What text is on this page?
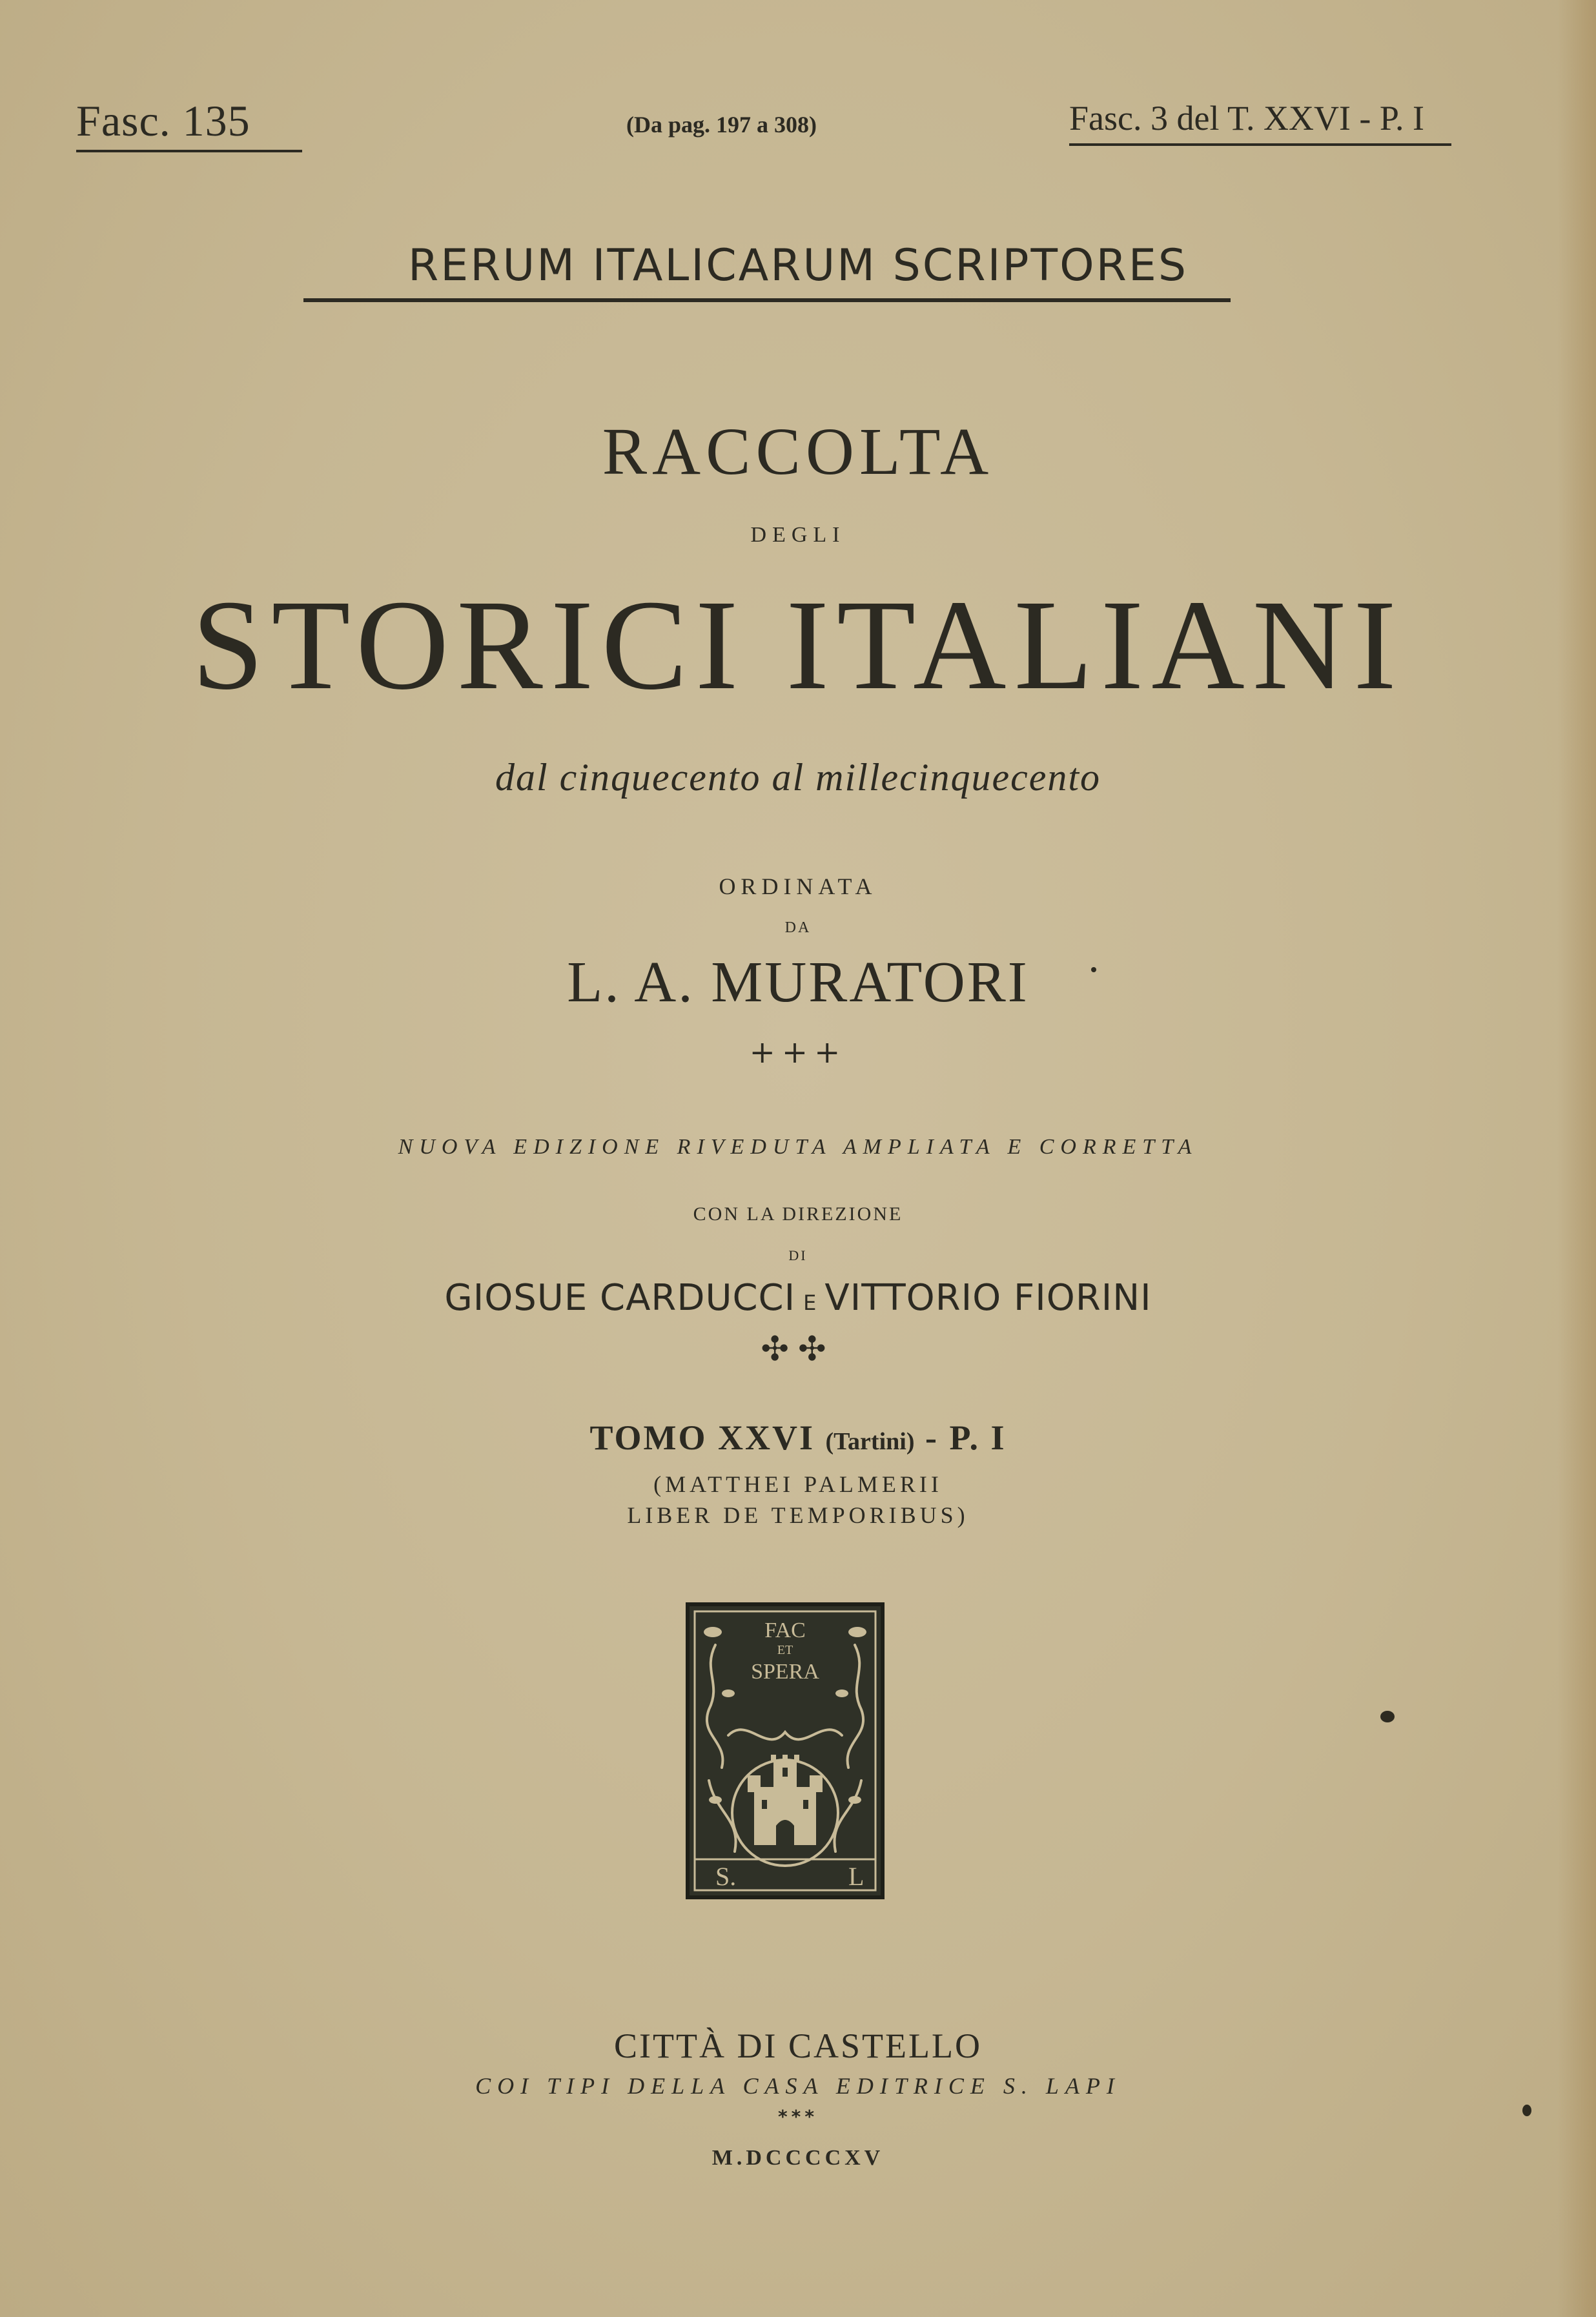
Fasc. 135	(Da pag. 197 a 308)	Fasc. 3 del T. XXVI - P. I
RERUM ITALICARUM SCRIPTORES
RACCOLTA
DEGLI
STORICI ITALIANI
dal cinquecento al millecinquecento
ORDINATA
DA
L. A. MURATORI
+++
NUOVA EDIZIONE RIVEDUTA AMPLIATA E CORRETTA
CON LA DIREZIONE
DI
GIOSUE CARDUCCI E VITTORIO FIORINI
✣✣
TOMO XXVI (Tartini) - P. I
(MATTHEI PALMERII
LIBER DE TEMPORIBUS)
FAC
ET
SPERA
S.	L
CITTÀ DI CASTELLO
COI TIPI DELLA CASA EDITRICE S. LAPI
***
M.DCCCCXV
